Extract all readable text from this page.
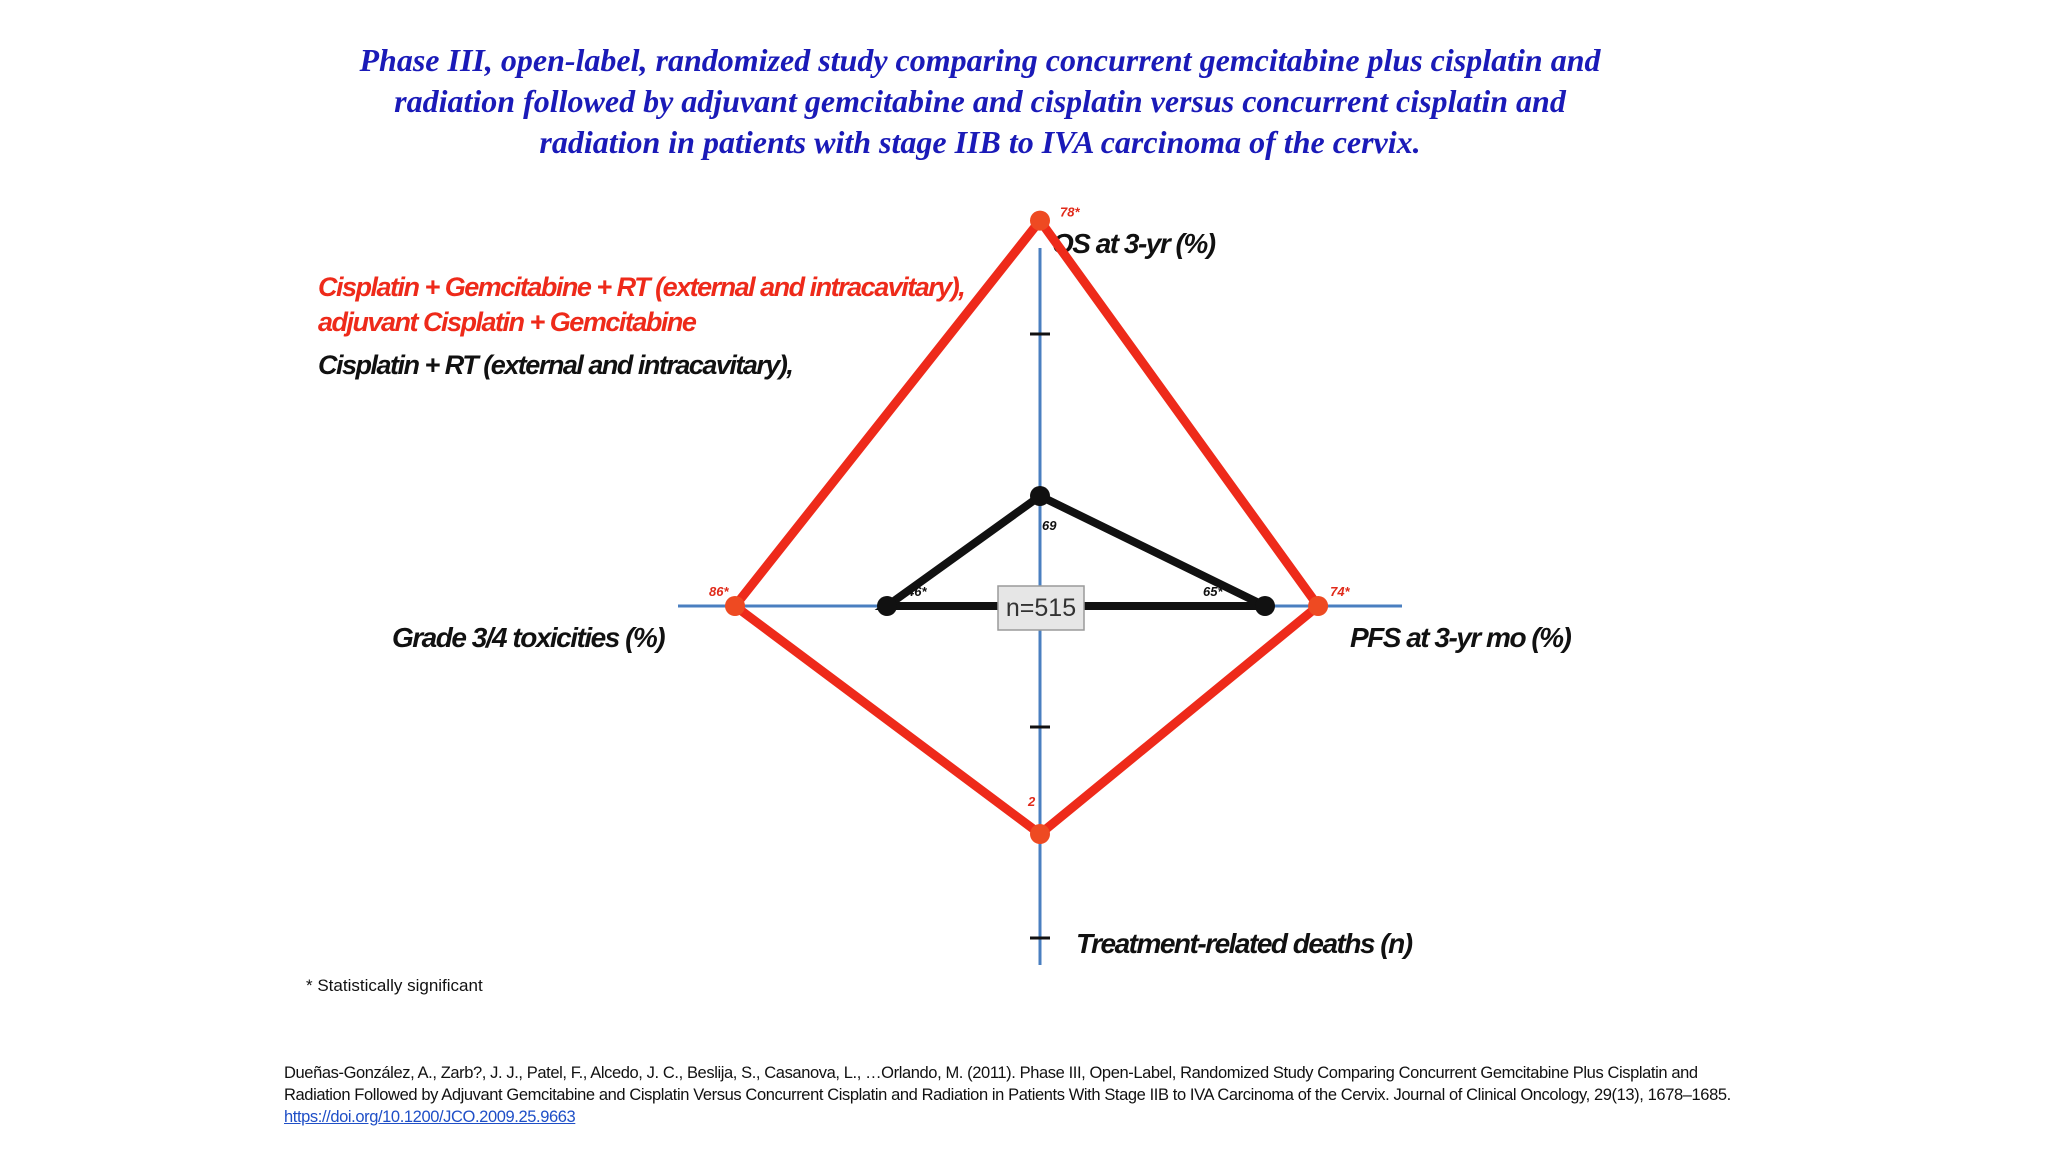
Phase III, open-label, randomized study comparing concurrent gemcitabine plus cisplatin and radiation followed by adjuvant gemcitabine and cisplatin versus concurrent cisplatin and radiation in patients with stage IIB to IVA carcinoma of the cervix.
Cisplatin + Gemcitabine + RT (external and intracavitary),
adjuvant Cisplatin + Gemcitabine
Cisplatin + RT (external and intracavitary),
OS at 3-yr (%)
PFS at 3-yr mo (%)
Treatment-related deaths (n)
Grade 3/4 toxicities (%)
78*
74*
2
86*
69
65*
46*
n=515
* Statistically significant
Dueñas-González, A., Zarb?, J. J., Patel, F., Alcedo, J. C., Beslija, S., Casanova, L., …Orlando, M. (2011). Phase III, Open-Label, Randomized Study Comparing Concurrent Gemcitabine Plus Cisplatin and Radiation Followed by Adjuvant Gemcitabine and Cisplatin Versus Concurrent Cisplatin and Radiation in Patients With Stage IIB to IVA Carcinoma of the Cervix. Journal of Clinical Oncology, 29(13), 1678–1685. https://doi.org/10.1200/JCO.2009.25.9663
